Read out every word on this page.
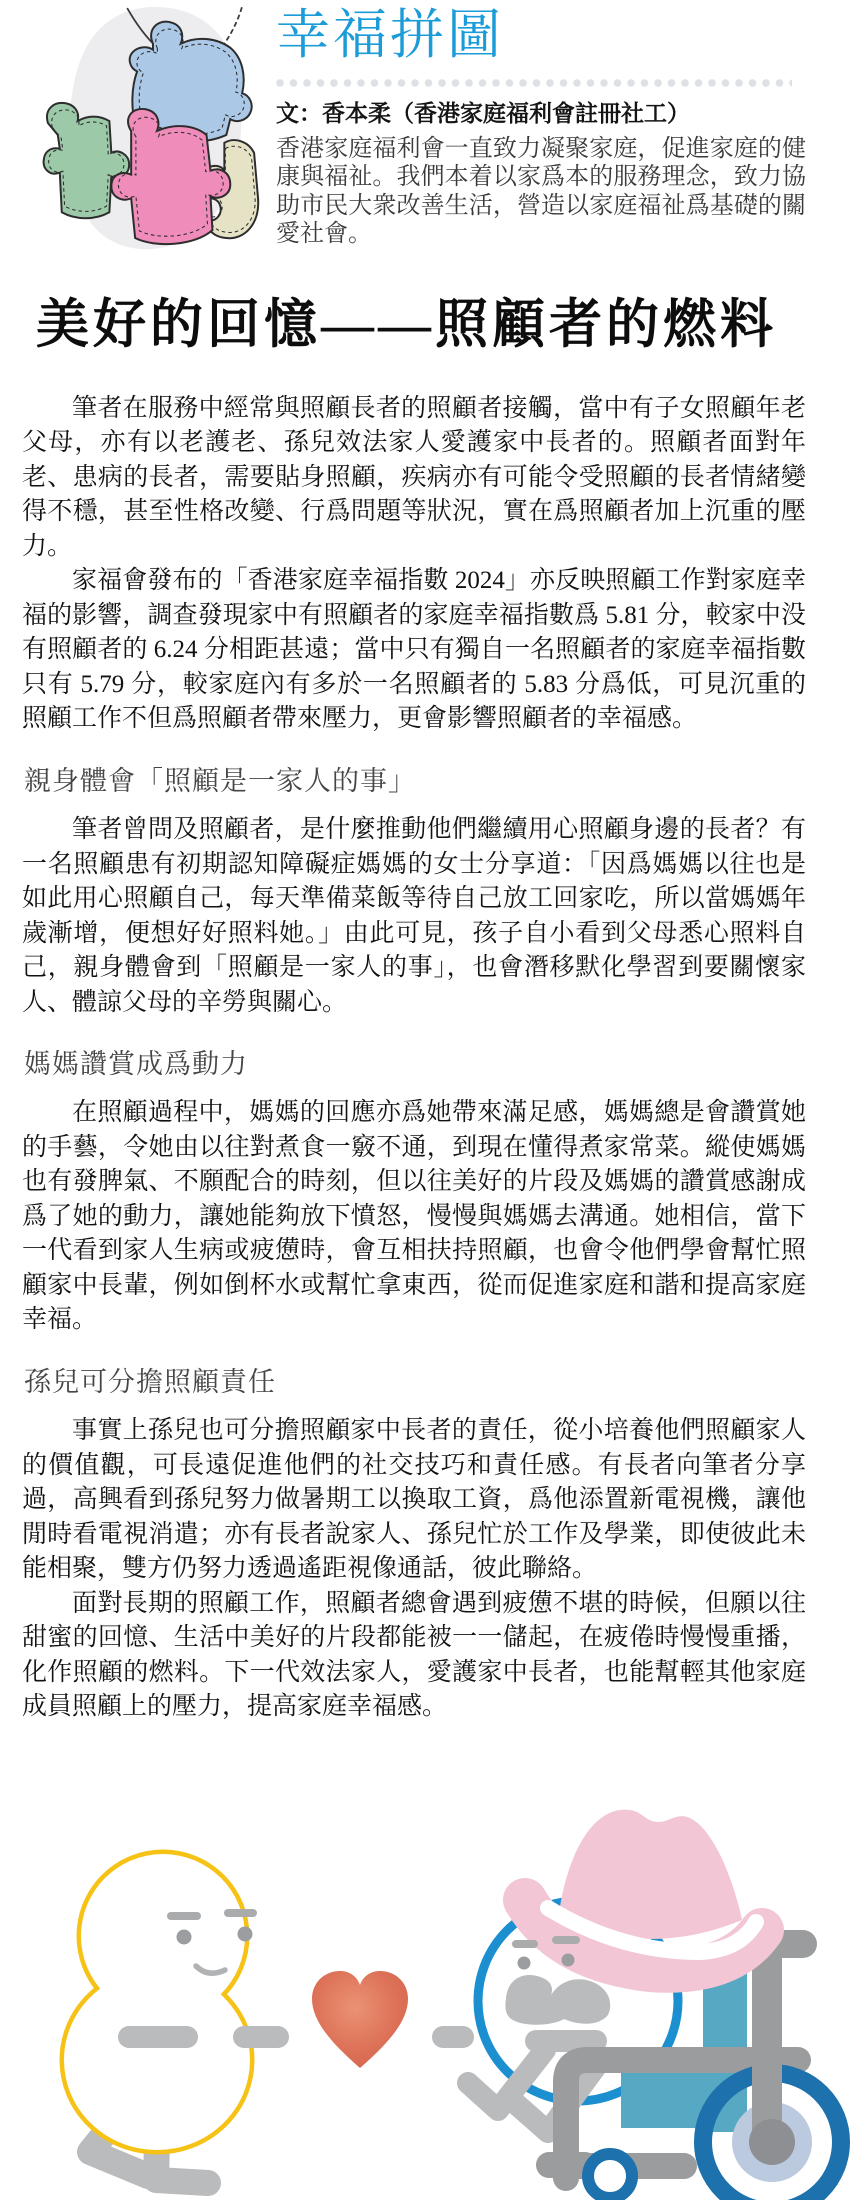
幸福拼圖

文：香本柔（香港家庭福利會註冊社工）

香港家庭福利會一直致力凝聚家庭，促進家庭的健康與福祉。我們本着以家爲本的服務理念，致力協助市民大衆改善生活，營造以家庭福祉爲基礎的關愛社會。

美好的回憶——照顧者的燃料

筆者在服務中經常與照顧長者的照顧者接觸，當中有子女照顧年老父母，亦有以老護老、孫兒效法家人愛護家中長者的。照顧者面對年老、患病的長者，需要貼身照顧，疾病亦有可能令受照顧的長者情緒變得不穩，甚至性格改變、行爲問題等狀況，實在爲照顧者加上沉重的壓力。

家福會發布的「香港家庭幸福指數 2024」亦反映照顧工作對家庭幸福的影響，調查發現家中有照顧者的家庭幸福指數爲 5.81 分，較家中没有照顧者的 6.24 分相距甚遠；當中只有獨自一名照顧者的家庭幸福指數只有 5.79 分，較家庭內有多於一名照顧者的 5.83 分爲低，可見沉重的照顧工作不但爲照顧者帶來壓力，更會影響照顧者的幸福感。

親身體會「照顧是一家人的事」

筆者曾問及照顧者，是什麼推動他們繼續用心照顧身邊的長者？有一名照顧患有初期認知障礙症媽媽的女士分享道：「因爲媽媽以往也是如此用心照顧自己，每天準備菜飯等待自己放工回家吃，所以當媽媽年歲漸增，便想好好照料她。」由此可見，孩子自小看到父母悉心照料自己，親身體會到「照顧是一家人的事」，也會潛移默化學習到要關懷家人、體諒父母的辛勞與關心。

媽媽讚賞成爲動力

在照顧過程中，媽媽的回應亦爲她帶來滿足感，媽媽總是會讚賞她的手藝，令她由以往對煮食一竅不通，到現在懂得煮家常菜。縱使媽媽也有發脾氣、不願配合的時刻，但以往美好的片段及媽媽的讚賞感謝成爲了她的動力，讓她能夠放下憤怒，慢慢與媽媽去溝通。她相信，當下一代看到家人生病或疲憊時，會互相扶持照顧，也會令他們學會幫忙照顧家中長輩，例如倒杯水或幫忙拿東西，從而促進家庭和諧和提高家庭幸福。

孫兒可分擔照顧責任

事實上孫兒也可分擔照顧家中長者的責任，從小培養他們照顧家人的價值觀，可長遠促進他們的社交技巧和責任感。有長者向筆者分享過，高興看到孫兒努力做暑期工以換取工資，爲他添置新電視機，讓他閒時看電視消遣；亦有長者說家人、孫兒忙於工作及學業，即使彼此未能相聚，雙方仍努力透過遙距視像通話，彼此聯絡。

面對長期的照顧工作，照顧者總會遇到疲憊不堪的時候，但願以往甜蜜的回憶、生活中美好的片段都能被一一儲起，在疲倦時慢慢重播，化作照顧的燃料。下一代效法家人，愛護家中長者，也能幫輕其他家庭成員照顧上的壓力，提高家庭幸福感。
